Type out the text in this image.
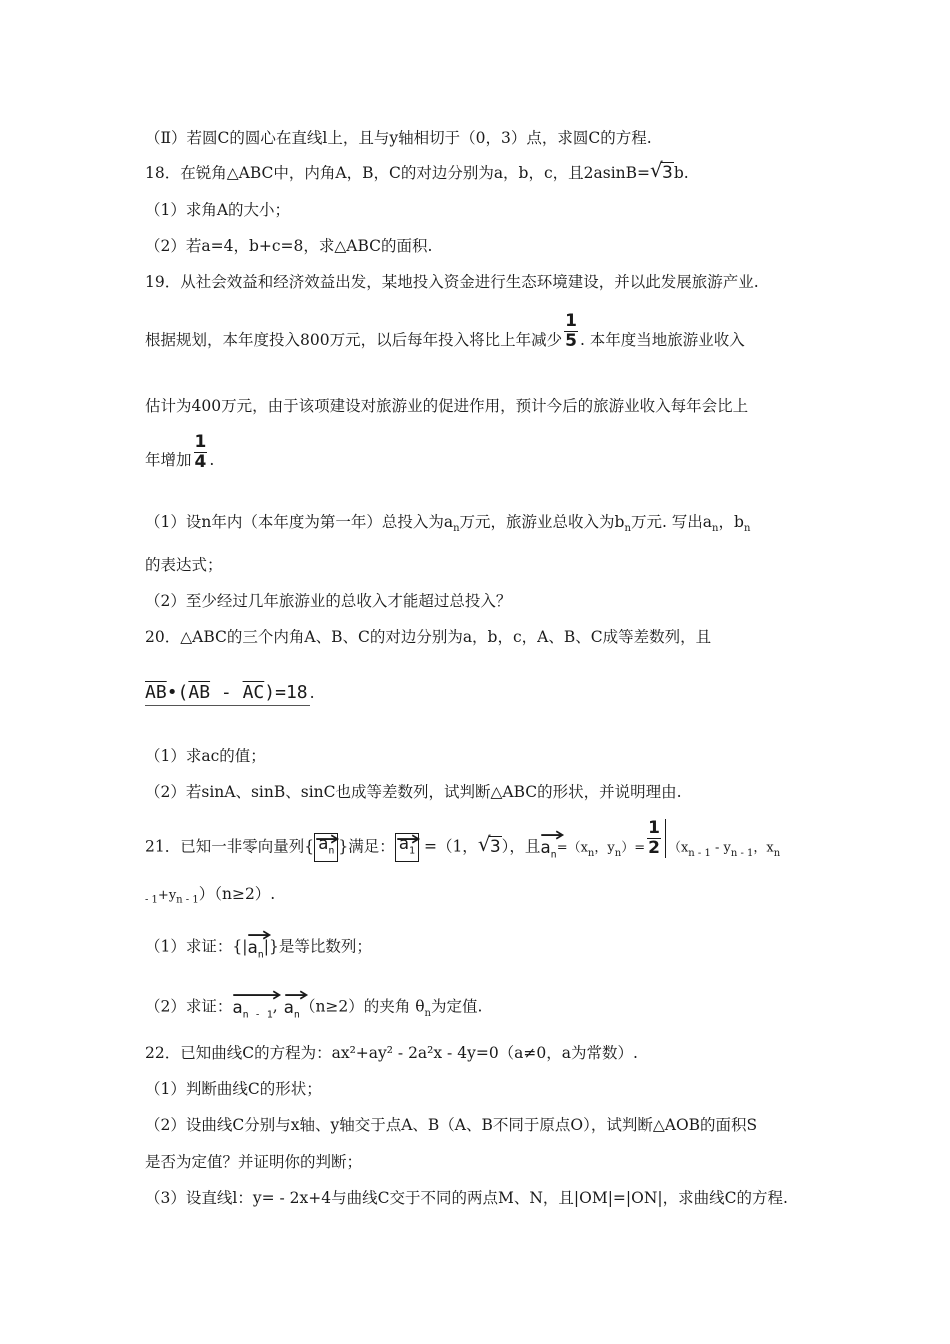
（Ⅱ）若圆C的圆心在直线l上，且与y轴相切于（0，3）点，求圆C的方程.
18．在锐角△ABC中，内角A，B，C的对边分别为a，b，c，且2asinB= √ 3b.
（1）求角A的大小；
（2）若a=4，b+c=8，求△ABC的面积.
19．从社会效益和经济效益出发，某地投入资金进行生态环境建设，并以此发展旅游产业.
根据规划，本年度投入800万元，以后每年投入将比上年减少 $\frac{1}{5}$ . 本年度当地旅游业收入
估计为400万元，由于该项建设对旅游业的促进作用，预计今后的旅游业收入每年会比上
年增加 $\frac{1}{4}$ .
（1）设n年内（本年度为第一年）总投入为$a_n$万元，旅游业总收入为$b_n$万元. 写出$a_n$，$b_n$
的表达式；
（2）至少经过几年旅游业的总收入才能超过总投入？
20．△ABC的三个内角A、B、C的对边分别为a，b，c，A、B、C成等差数列，且
$\overline{AB}•(\overline{AB} - \overline{AC})=18$ .
（1）求ac的值；
（2）若sinA、sinB、sinC也成等差数列，试判断△ABC的形状，并说明理由.
21．已知一非零向量列{ $a_n$ }满足： $a_1 =(1$， √ 3），且
$a_n=(x_n$，$y_n)= \frac{1}{2} (x_{n - 1} - y_{n - 1}$，$x_n$
$_{- 1}+y_{n - 1})(n\ge 2)$.
（1）求证：{|
$a_n|$}是等比数列；
（2）求证：
$a_{n - 1}$, $a_n(n\ge 2)$的夹角 $\theta_n$为定值.
22．已知曲线C的方程为：ax²+ay² - 2a²x - 4y=0（a≠0，a为常数）.
（1）判断曲线C的形状；
（2）设曲线C分别与x轴、y轴交于点A、B（A、B不同于原点O），试判断△AOB的面积S
是否为定值？并证明你的判断；
（3）设直线l：y= - 2x+4与曲线C交于不同的两点M、N，且|OM|=|ON|，求曲线C的方程.
